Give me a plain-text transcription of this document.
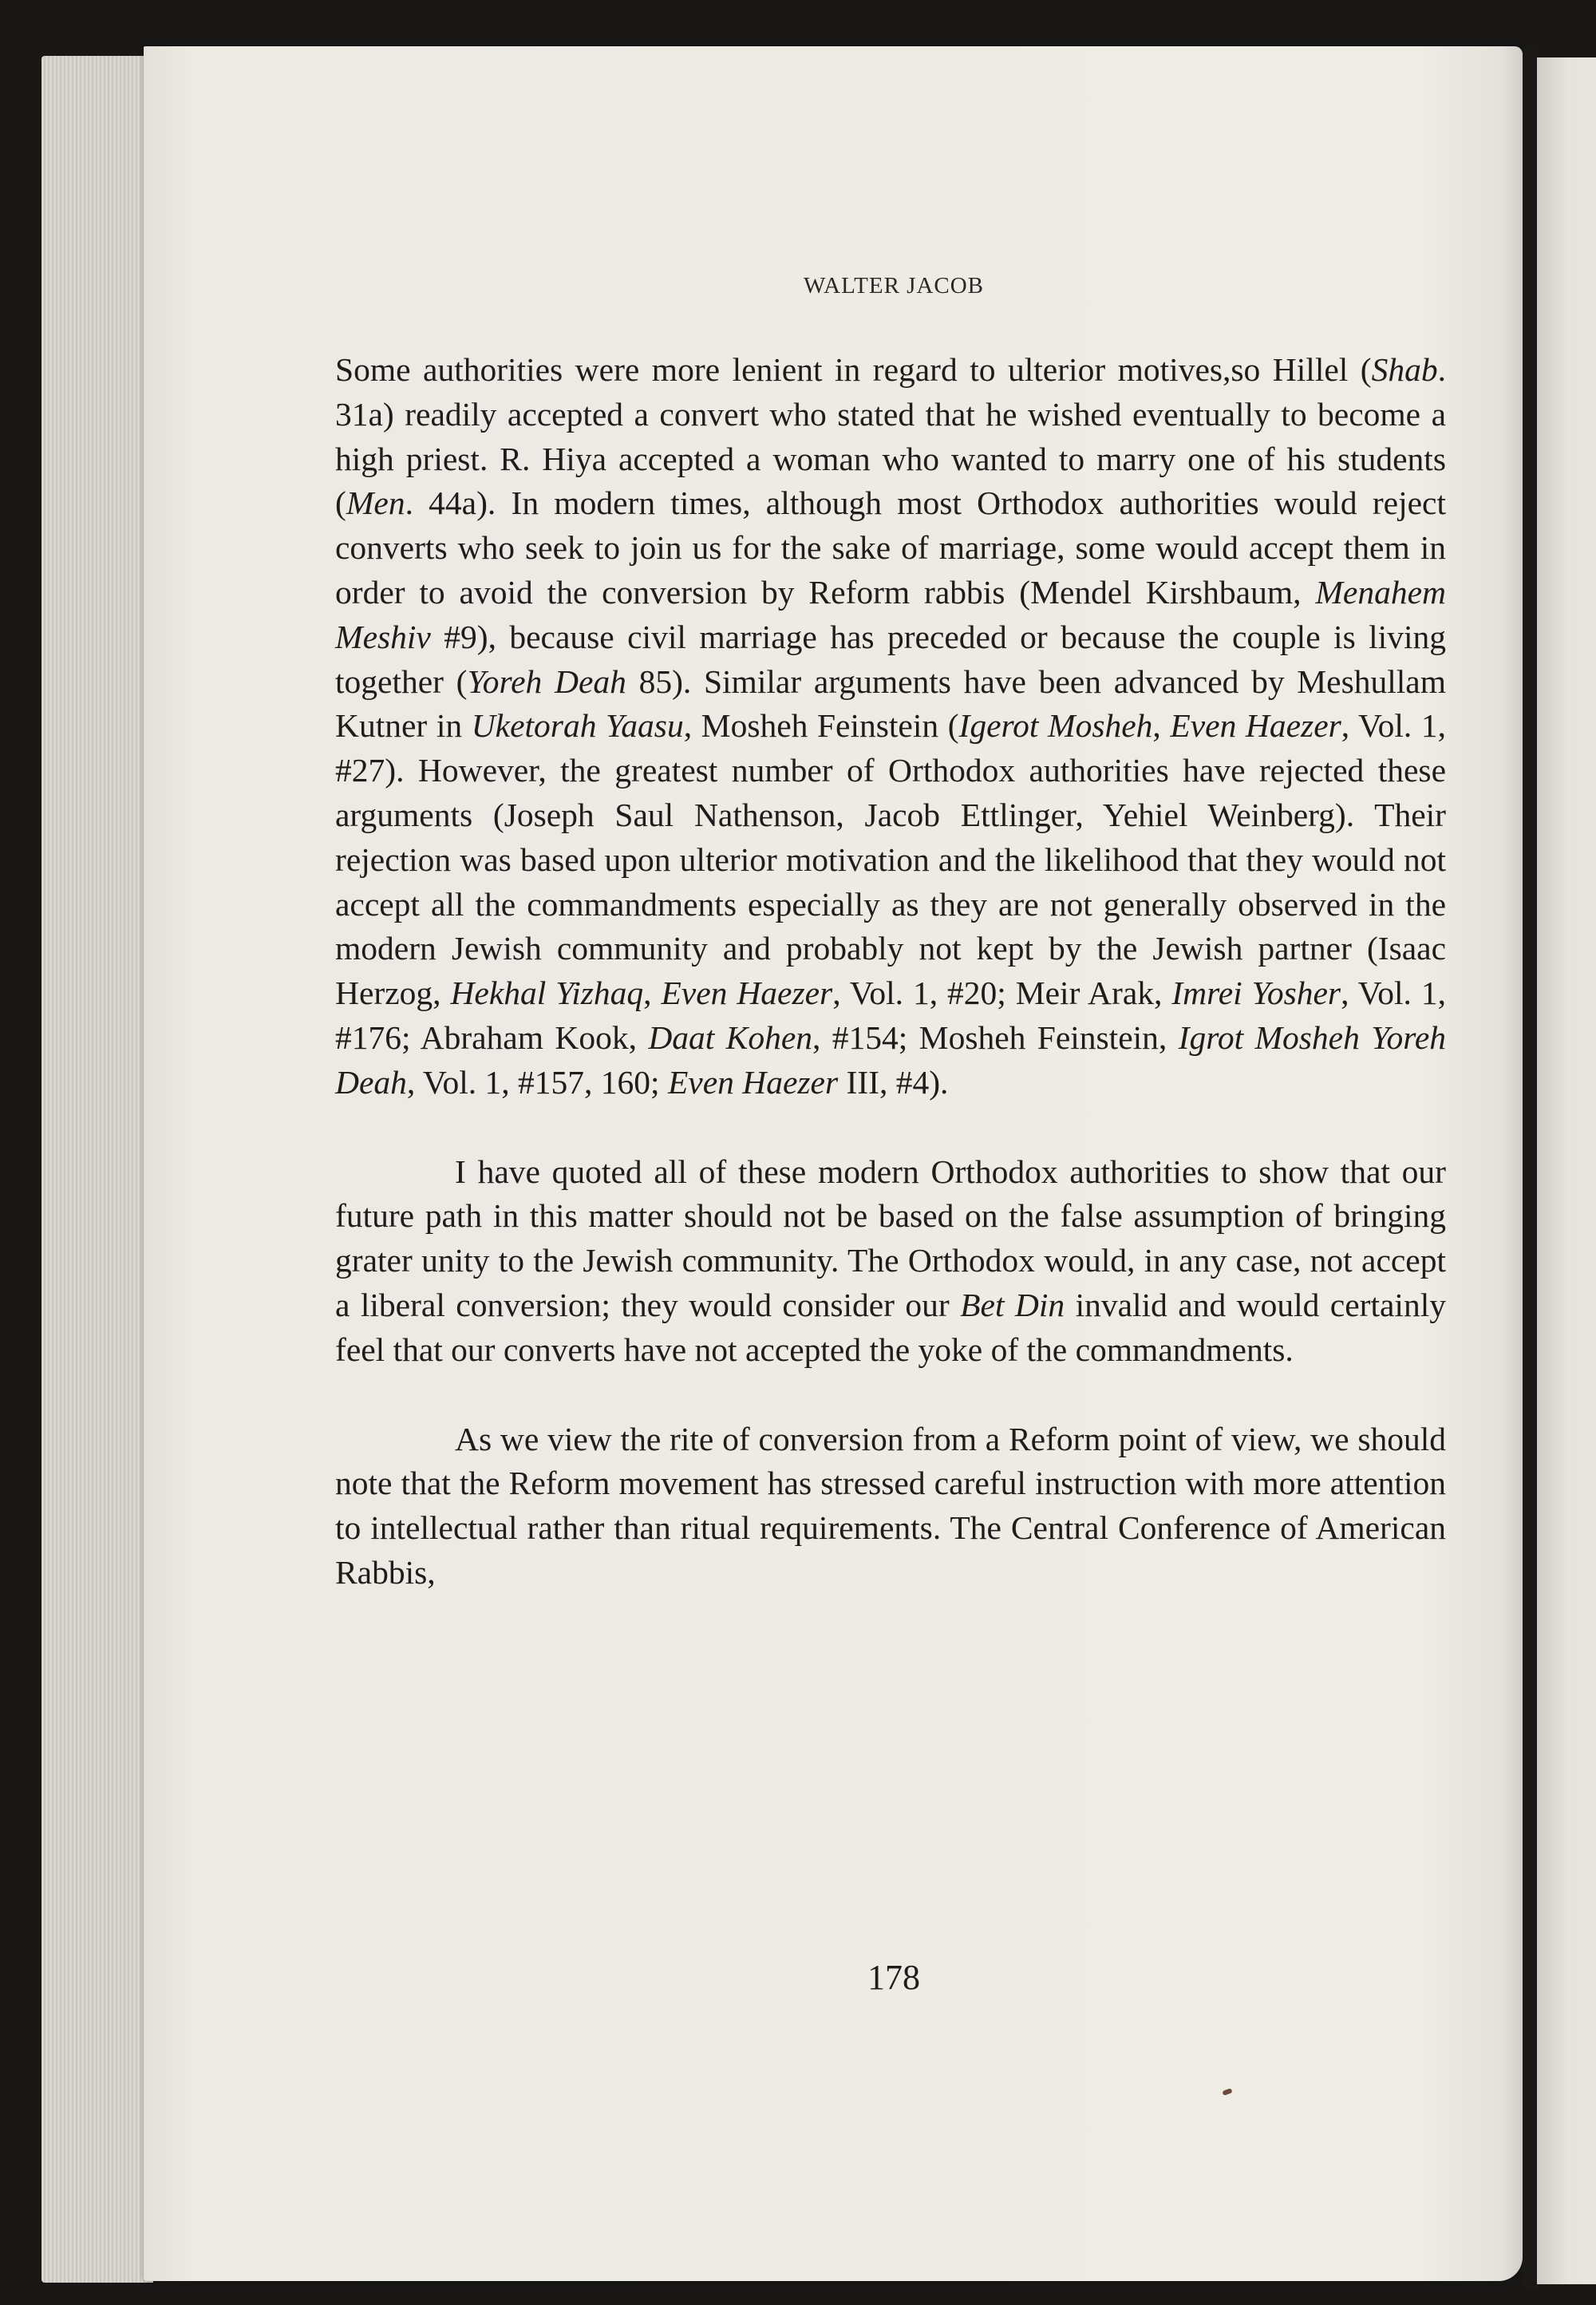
WALTER JACOB

Some authorities were more lenient in regard to ulterior motives,so Hillel (Shab. 31a) readily accepted a convert who stated that he wished eventually to become a high priest. R. Hiya accepted a woman who wanted to marry one of his students (Men. 44a). In modern times, although most Orthodox authorities would reject converts who seek to join us for the sake of marriage, some would accept them in order to avoid the conversion by Reform rabbis (Mendel Kirshbaum, Menahem Meshiv #9), because civil marriage has preceded or because the couple is living together (Yoreh Deah 85). Similar arguments have been advanced by Meshullam Kutner in Uketorah Yaasu, Mosheh Feinstein (Igerot Mosheh, Even Haezer, Vol. 1, #27). However, the greatest number of Orthodox authorities have rejected these arguments (Joseph Saul Nathenson, Jacob Ettlinger, Yehiel Weinberg). Their rejection was based upon ulterior motivation and the likelihood that they would not accept all the commandments especially as they are not generally observed in the modern Jewish community and probably not kept by the Jewish partner (Isaac Herzog, Hekhal Yizhaq, Even Haezer, Vol. 1, #20; Meir Arak, Imrei Yosher, Vol. 1, #176; Abraham Kook, Daat Kohen, #154; Mosheh Feinstein, Igrot Mosheh Yoreh Deah, Vol. 1, #157, 160; Even Haezer III, #4).

I have quoted all of these modern Orthodox authorities to show that our future path in this matter should not be based on the false assumption of bringing grater unity to the Jewish community. The Orthodox would, in any case, not accept a liberal conversion; they would consider our Bet Din invalid and would certainly feel that our converts have not accepted the yoke of the commandments.

As we view the rite of conversion from a Reform point of view, we should note that the Reform movement has stressed careful instruction with more attention to intellectual rather than ritual requirements. The Central Conference of American Rabbis,

178
